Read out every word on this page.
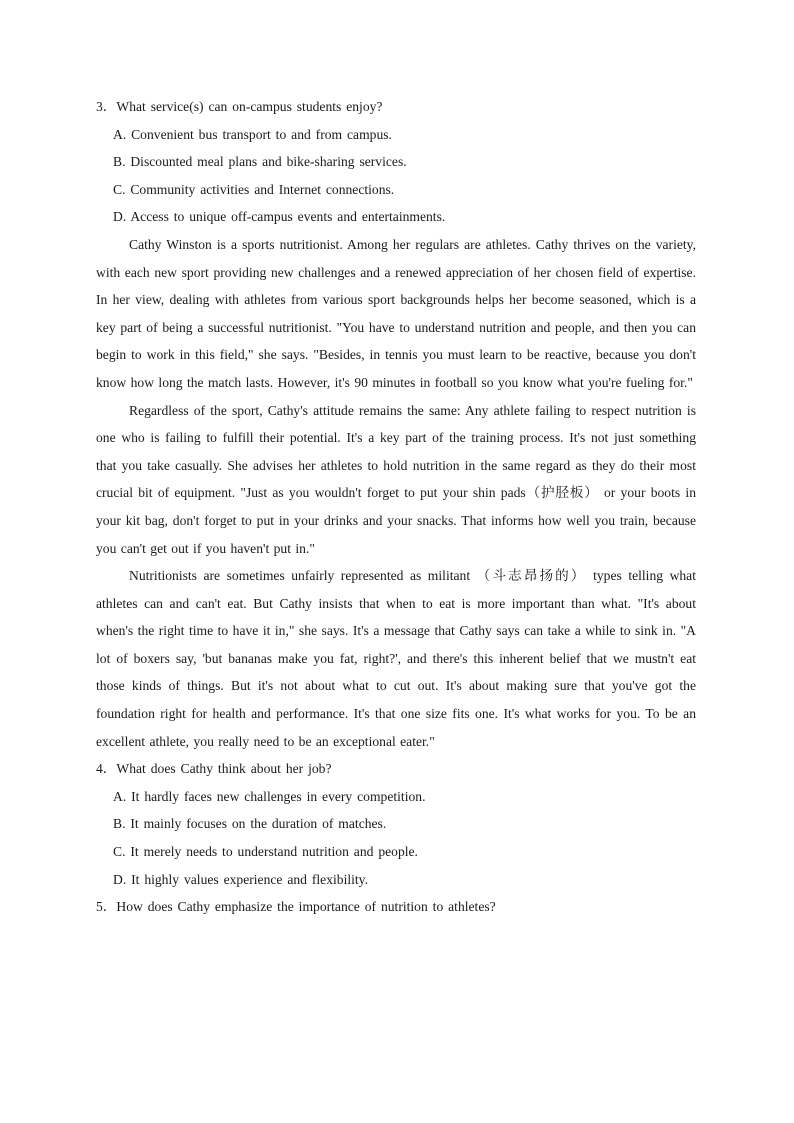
3．What service(s) can on-campus students enjoy?

A. Convenient bus transport to and from campus.

B. Discounted meal plans and bike-sharing services.

C. Community activities and Internet connections.

D. Access to unique off-campus events and entertainments.

Cathy Winston is a sports nutritionist. Among her regulars are athletes. Cathy thrives on the variety, with each new sport providing new challenges and a renewed appreciation of her chosen field of expertise. In her view, dealing with athletes from various sport backgrounds helps her become seasoned, which is a key part of being a successful nutritionist. "You have to understand nutrition and people, and then you can begin to work in this field," she says. "Besides, in tennis you must learn to be reactive, because you don't know how long the match lasts. However, it's 90 minutes in football so you know what you're fueling for."

Regardless of the sport, Cathy's attitude remains the same: Any athlete failing to respect nutrition is one who is failing to fulfill their potential. It's a key part of the training process. It's not just something that you take casually. She advises her athletes to hold nutrition in the same regard as they do their most crucial bit of equipment. "Just as you wouldn't forget to put your shin pads（护胫板） or your boots in your kit bag, don't forget to put in your drinks and your snacks. That informs how well you train, because you can't get out if you haven't put in."

Nutritionists are sometimes unfairly represented as militant （斗志昂扬的） types telling what athletes can and can't eat. But Cathy insists that when to eat is more important than what. "It's about when's the right time to have it in," she says. It's a message that Cathy says can take a while to sink in. "A lot of boxers say, 'but bananas make you fat, right?', and there's this inherent belief that we mustn't eat those kinds of things. But it's not about what to cut out. It's about making sure that you've got the foundation right for health and performance. It's that one size fits one. It's what works for you. To be an excellent athlete, you really need to be an exceptional eater."

4．What does Cathy think about her job?

A. It hardly faces new challenges in every competition.

B. It mainly focuses on the duration of matches.

C. It merely needs to understand nutrition and people.

D. It highly values experience and flexibility.

5．How does Cathy emphasize the importance of nutrition to athletes?
